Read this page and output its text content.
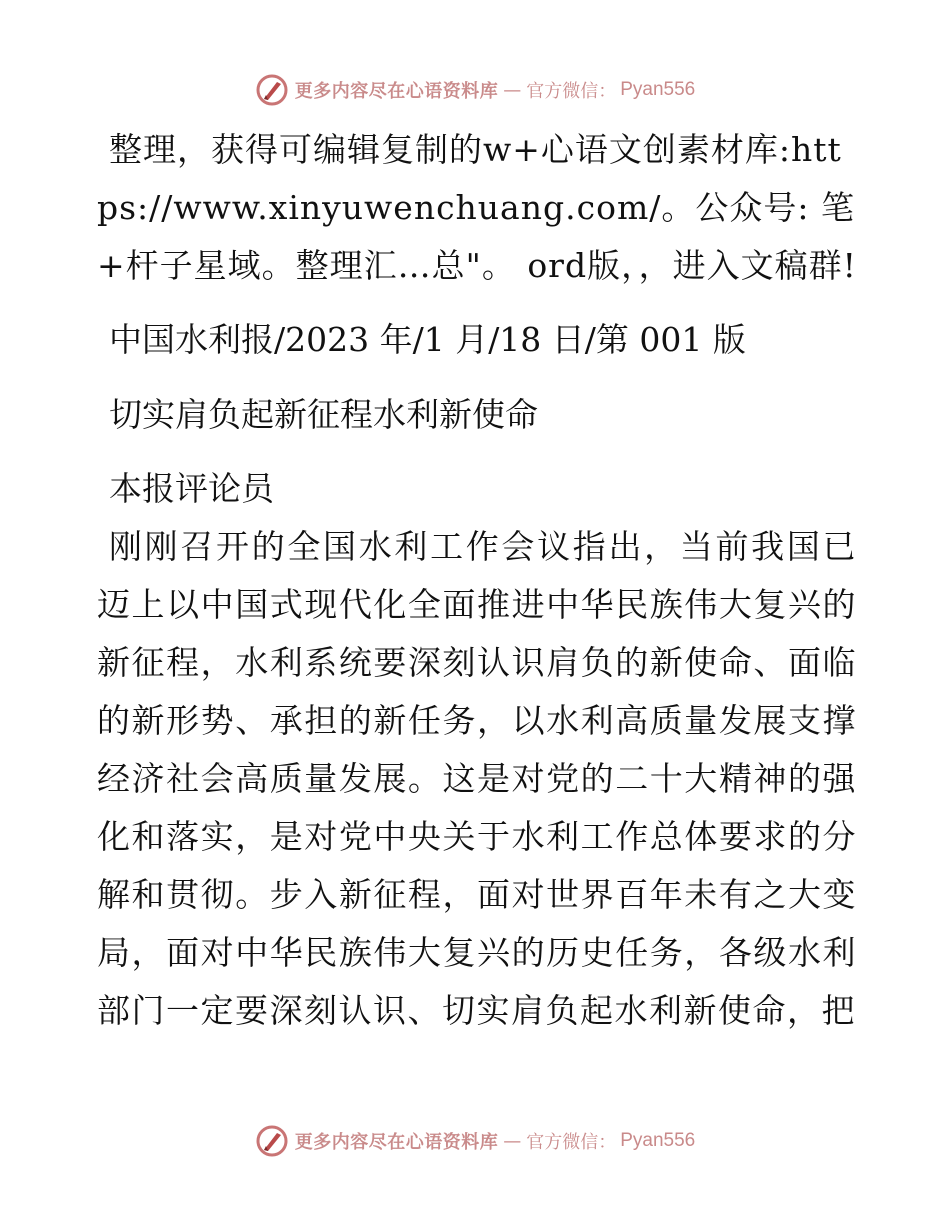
更多内容尽在心语资料库 — 官方微信： Pyan556

整理，获得可编辑复制的w+心语文创素材库:https://www.xinyuwenchuang.com/。公众号: 笔+杆子星域。整理汇…总"。 ord版，，进入文稿群!

中国水利报/2023 年/1 月/18 日/第 001 版

切实肩负起新征程水利新使命

本报评论员

刚刚召开的全国水利工作会议指出，当前我国已迈上以中国式现代化全面推进中华民族伟大复兴的新征程，水利系统要深刻认识肩负的新使命、面临的新形势、承担的新任务，以水利高质量发展支撑经济社会高质量发展。这是对党的二十大精神的强化和落实，是对党中央关于水利工作总体要求的分解和贯彻。步入新征程，面对世界百年未有之大变局，面对中华民族伟大复兴的历史任务，各级水利部门一定要深刻认识、切实肩负起水利新使命，把

更多内容尽在心语资料库 — 官方微信： Pyan556
